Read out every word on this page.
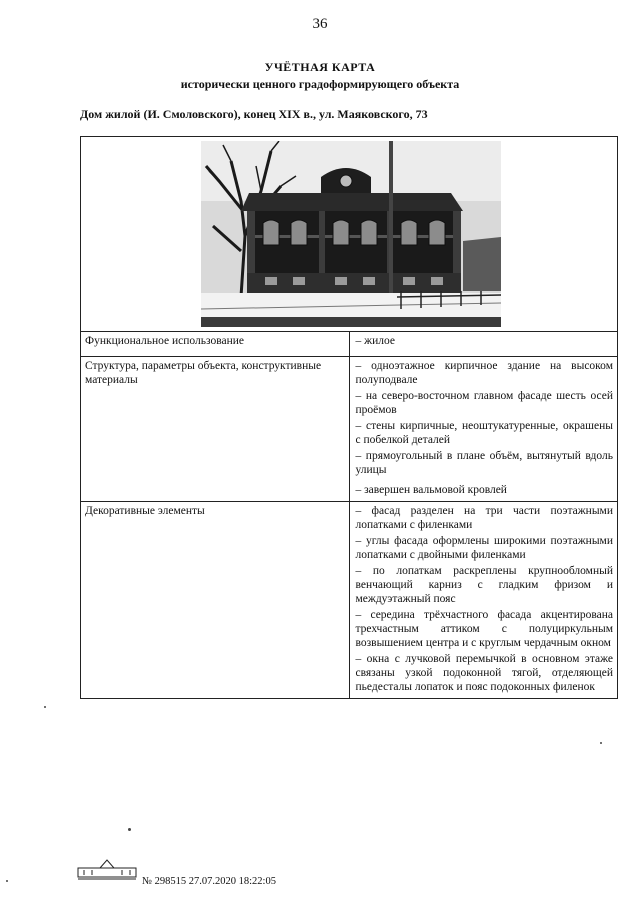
36
УЧЁТНАЯ КАРТА
исторически ценного градоформирующего объекта
Дом жилой (И. Смоловского), конец XIX в., ул. Маяковского, 73

Функциональное использование	– жилое

Структура, параметры объекта, конструктивные материалы	– одноэтажное кирпичное здание на высоком полуподвале
– на северо-восточном главном фасаде шесть осей проёмов
– стены кирпичные, неоштукатуренные, окрашены с побелкой деталей
– прямоугольный в плане объём, вытянутый вдоль улицы
– завершен вальмовой кровлей

Декоративные элементы	– фасад разделен на три части поэтажными лопатками с филенками
– углы фасада оформлены широкими поэтажными лопатками с двойными филенками
– по лопаткам раскреплены крупнообломный венчающий карниз с гладким фризом и междуэтажный пояс
– середина трёхчастного фасада акцентирована трехчастным аттиком с полуциркульным возвышением центра и с круглым чердачным окном
– окна с лучковой перемычкой в основном этаже связаны узкой подоконной тягой, отделяющей пьедесталы лопаток и пояс подоконных филенок
№ 298515 27.07.2020 18:22:05
